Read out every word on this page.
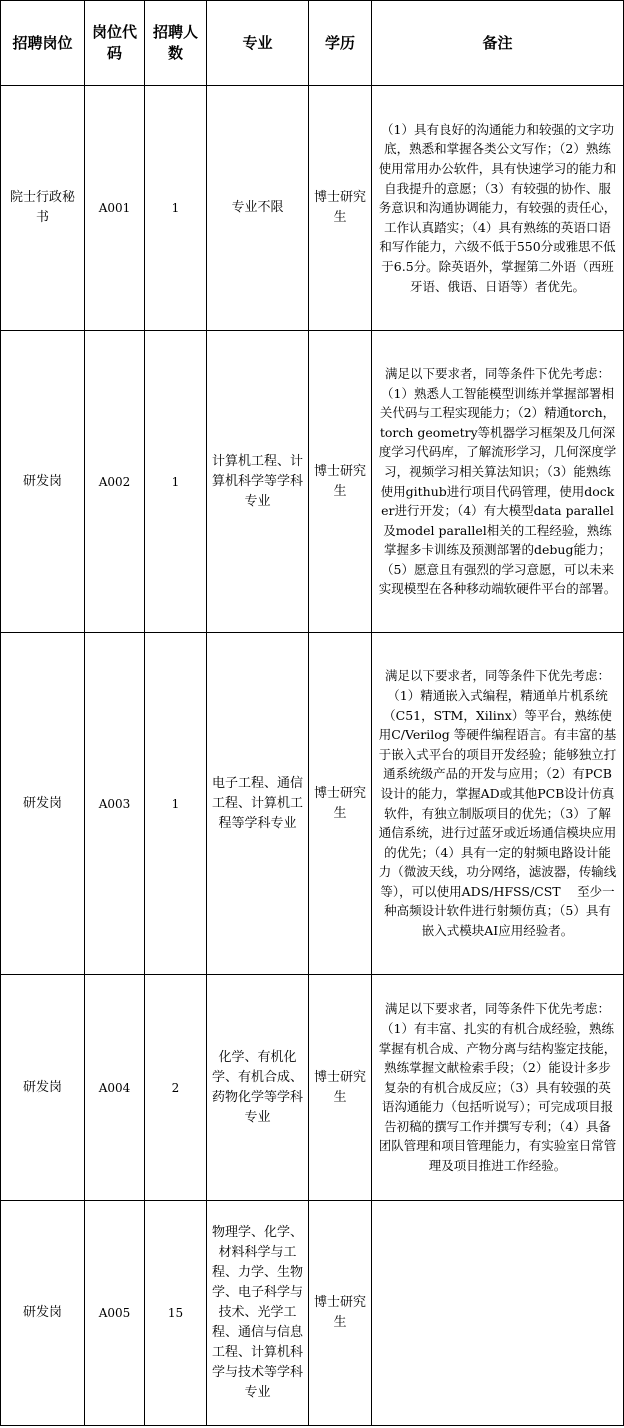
招聘岗位	岗位代码	招聘人数	专业	学历	备注
院士行政秘书	A001	1	专业不限	博士研究生	（1）具有良好的沟通能力和较强的文字功底，熟悉和掌握各类公文写作；（2）熟练使用常用办公软件，具有快速学习的能力和自我提升的意愿；（3）有较强的协作、服务意识和沟通协调能力，有较强的责任心，工作认真踏实；（4）具有熟练的英语口语和写作能力，六级不低于550分或雅思不低于6.5分。除英语外，掌握第二外语（西班牙语、俄语、日语等）者优先。
研发岗	A002	1	计算机工程、计算机科学等学科专业	博士研究生	满足以下要求者，同等条件下优先考虑：（1）熟悉人工智能模型训练并掌握部署相关代码与工程实现能力；（2）精通torch，torch geometry等机器学习框架及几何深度学习代码库，了解流形学习，几何深度学习，视频学习相关算法知识；（3）能熟练使用github进行项目代码管理，使用docker进行开发；（4）有大模型data parallel及model parallel相关的工程经验，熟练掌握多卡训练及预测部署的debug能力；（5）愿意且有强烈的学习意愿，可以未来实现模型在各种移动端软硬件平台的部署。
研发岗	A003	1	电子工程、通信工程、计算机工程等学科专业	博士研究生	满足以下要求者，同等条件下优先考虑：（1）精通嵌入式编程，精通单片机系统（C51，STM，Xilinx）等平台，熟练使用C/Verilog 等硬件编程语言。有丰富的基于嵌入式平台的项目开发经验；能够独立打通系统级产品的开发与应用；（2）有PCB设计的能力，掌握AD或其他PCB设计仿真软件，有独立制版项目的优先；（3）了解通信系统，进行过蓝牙或近场通信模块应用的优先；（4）具有一定的射频电路设计能力（微波天线，功分网络，滤波器，传输线等），可以使用ADS/HFSS/CST　 至少一种高频设计软件进行射频仿真；（5）具有嵌入式模块AI应用经验者。
研发岗	A004	2	化学、有机化学、有机合成、药物化学等学科专业	博士研究生	满足以下要求者，同等条件下优先考虑：（1）有丰富、扎实的有机合成经验，熟练掌握有机合成、产物分离与结构鉴定技能，熟练掌握文献检索手段；（2）能设计多步复杂的有机合成反应；（3）具有较强的英语沟通能力（包括听说写）；可完成项目报告初稿的撰写工作并撰写专利；（4）具备团队管理和项目管理能力，有实验室日常管理及项目推进工作经验。
研发岗	A005	15	物理学、化学、材料科学与工程、力学、生物学、电子科学与技术、光学工程、通信与信息工程、计算机科学与技术等学科专业	博士研究生	
